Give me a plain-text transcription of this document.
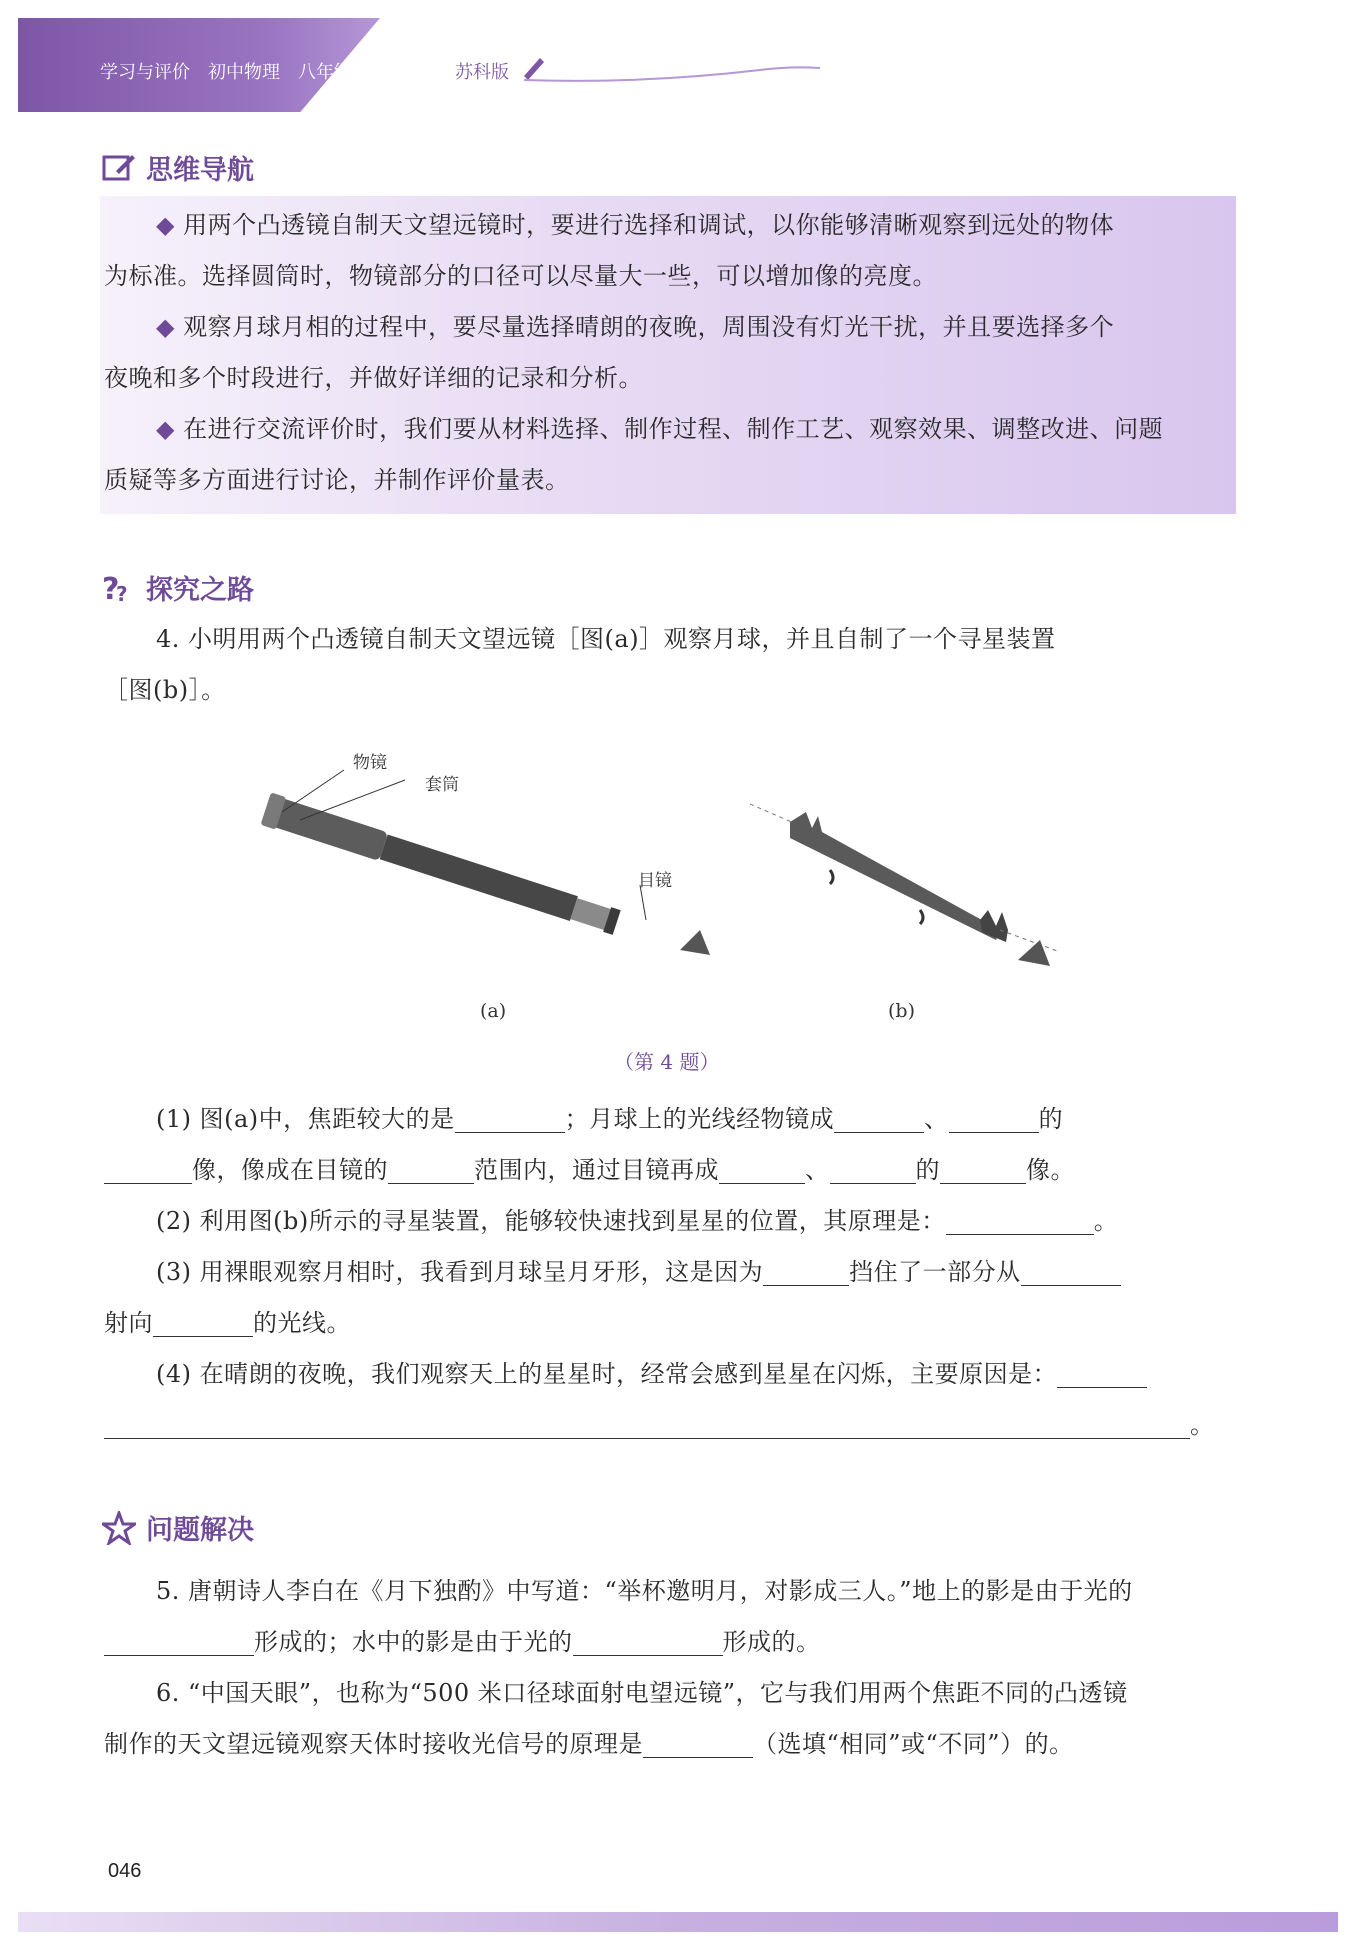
学习与评价 初中物理 八年级上册	苏科版
思维导航
◆ 用两个凸透镜自制天文望远镜时，要进行选择和调试，以你能够清晰观察到远处的物体
为标准。选择圆筒时，物镜部分的口径可以尽量大一些，可以增加像的亮度。
◆ 观察月球月相的过程中，要尽量选择晴朗的夜晚，周围没有灯光干扰，并且要选择多个
夜晚和多个时段进行，并做好详细的记录和分析。
◆ 在进行交流评价时，我们要从材料选择、制作过程、制作工艺、观察效果、调整改进、问题
质疑等多方面进行讨论，并制作评价量表。
?
? 探究之路
4. 小明用两个凸透镜自制天文望远镜［图(a)］观察月球，并且自制了一个寻星装置
［图(b)］。
物镜
套筒
目镜
(a)	(b)
（第 4 题）
(1) 图(a)中，焦距较大的是	；月球上的光线经物镜成	、	的
像，像成在目镜的	范围内，通过目镜再成	、	的	像。
(2) 利用图(b)所示的寻星装置，能够较快速找到星星的位置，其原理是：	。
(3) 用裸眼观察月相时，我看到月球呈月牙形，这是因为	挡住了一部分从
射向	的光线。
(4) 在晴朗的夜晚，我们观察天上的星星时，经常会感到星星在闪烁，主要原因是：
。
问题解决
5. 唐朝诗人李白在《月下独酌》中写道：“举杯邀明月，对影成三人。”地上的影是由于光的
形成的；水中的影是由于光的	形成的。
6. “中国天眼”，也称为“500 米口径球面射电望远镜”，它与我们用两个焦距不同的凸透镜
制作的天文望远镜观察天体时接收光信号的原理是	（选填“相同”或“不同”）的。
046
